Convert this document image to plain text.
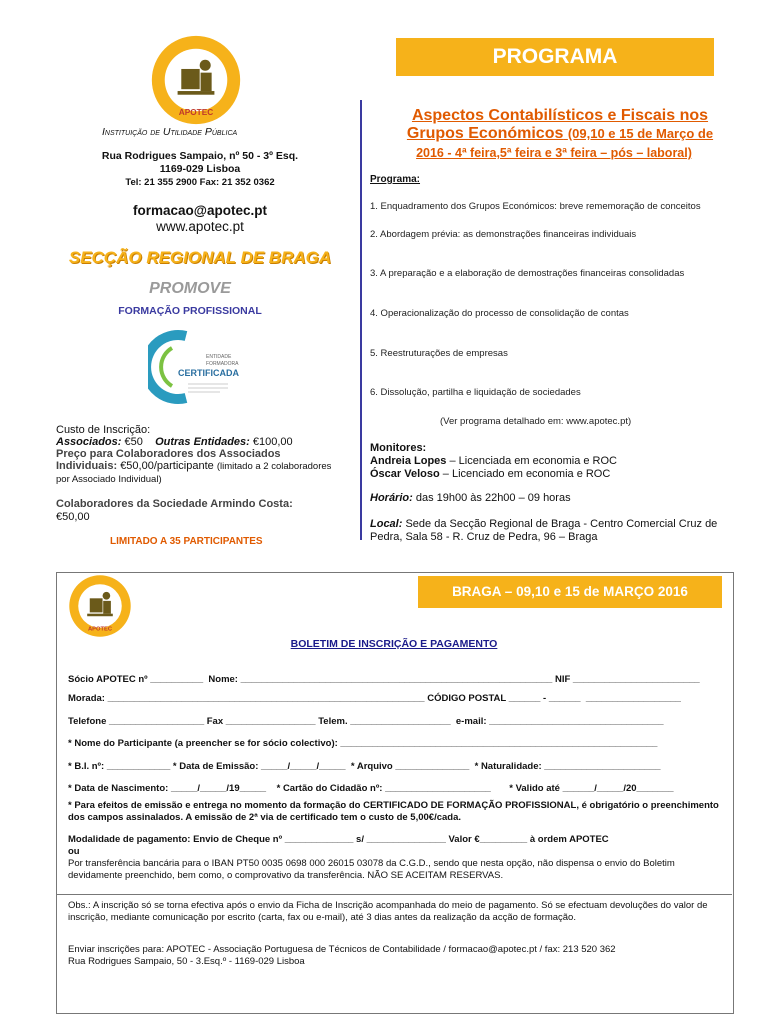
APOTEC
PROGRAMA
Instituição de Utilidade Pública
Rua Rodrigues Sampaio, nº 50 - 3º Esq.
1169-029 Lisboa
Tel: 21 355 2900 Fax: 21 352 0362
formacao@apotec.pt
www.apotec.pt
SECÇÃO REGIONAL DE BRAGA
PROMOVE
FORMAÇÃO PROFISSIONAL
ENTIDADE
FORMADORA
CERTIFICADA
Aspectos Contabilísticos e Fiscais nos Grupos Económicos (09,10 e 15 de Março de
2016 - 4ª feira,5ª feira e 3ª feira – pós – laboral)
Programa:
1. Enquadramento dos Grupos Económicos: breve rememoração de conceitos
2. Abordagem prévia: as demonstrações financeiras individuais
3. A preparação e a elaboração de demostrações financeiras consolidadas
4. Operacionalização do processo de consolidação de contas
5. Reestruturações de empresas
6. Dissolução, partilha e liquidação de sociedades
(Ver programa detalhado em: www.apotec.pt)
Custo de Inscrição:
Associados: €50 Outras Entidades: €100,00
Preço para Colaboradores dos Associados Individuais: €50,00/participante (limitado a 2 colaboradores por Associado Individual)
Colaboradores da Sociedade Armindo Costa:
€50,00
LIMITADO A 35 PARTICIPANTES
Monitores:
Andreia Lopes – Licenciada em economia e ROC
Óscar Veloso – Licenciado em economia e ROC
Horário: das 19h00 às 22h00 – 09 horas
Local: Sede da Secção Regional de Braga - Centro Comercial Cruz de Pedra, Sala 58 - R. Cruz de Pedra, 96 – Braga
APOTEC
BRAGA – 09,10 e 15 de MARÇO 2016
BOLETIM DE INSCRIÇÃO E PAGAMENTO
Sócio APOTEC nº __________  Nome: ___________________________________________________________ NIF ________________________
Morada: ____________________________________________________________ CÓDIGO POSTAL ______ - ______  __________________
Telefone __________________ Fax _________________ Telem. ___________________  e-mail: _________________________________
* Nome do Participante (a preencher se for sócio colectivo): ____________________________________________________________
* B.I. nº: ____________ * Data de Emissão: _____/_____/_____  * Arquivo ______________  * Naturalidade: ______________________
* Data de Nascimento: _____/_____/19_____    * Cartão do Cidadão nº: ____________________       * Valido até ______/_____/20_______
* Para efeitos de emissão e entrega no momento da formação do CERTIFICADO DE FORMAÇÃO PROFISSIONAL, é obrigatório o preenchimento dos campos assinalados. A emissão de 2ª via de certificado tem o custo de 5,00€/cada.
Modalidade de pagamento: Envio de Cheque nº _____________ s/ _______________ Valor €_________ à ordem APOTEC
ou
Por transferência bancária para o IBAN PT50 0035 0698 000 26015 03078 da C.G.D., sendo que nesta opção, não dispensa o envio do Boletim devidamente preenchido, bem como, o comprovativo da transferência. NÃO SE ACEITAM RESERVAS.
Obs.: A inscrição só se torna efectiva após o envio da Ficha de Inscrição acompanhada do meio de pagamento. Só se efectuam devoluções do valor de inscrição, mediante comunicação por escrito (carta, fax ou e-mail), até 3 dias antes da realização da acção de formação.
Enviar inscrições para: APOTEC - Associação Portuguesa de Técnicos de Contabilidade / formacao@apotec.pt / fax: 213 520 362
Rua Rodrigues Sampaio, 50 - 3.Esq.º - 1169-029 Lisboa
